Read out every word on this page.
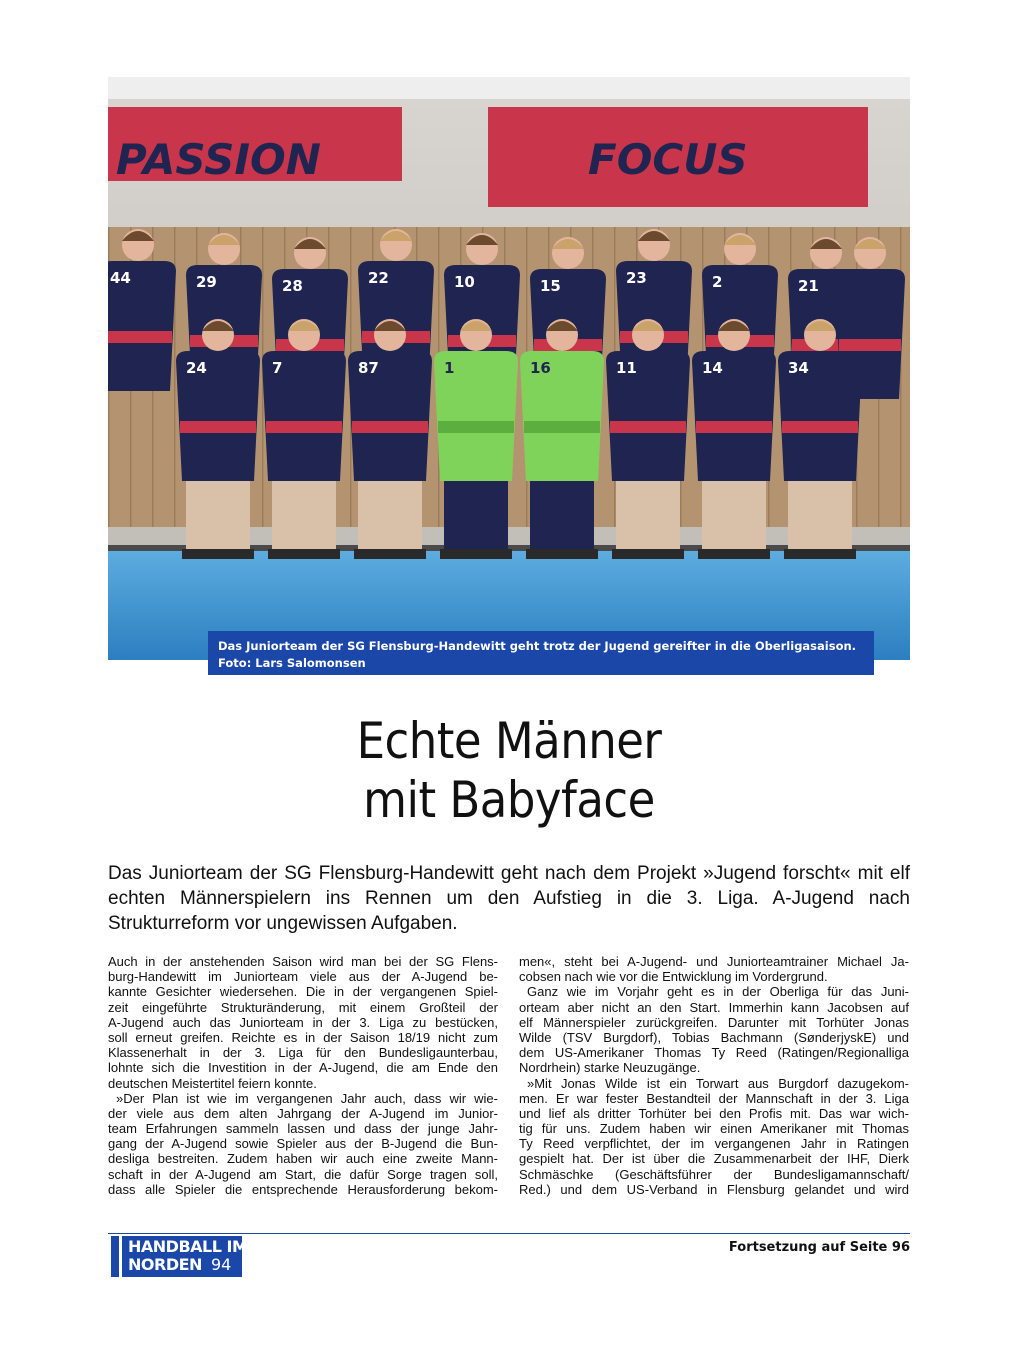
PASSION	FOCUS
44	29	28	22	10	15	23	2	21
24	7	87	1	16	11	14	34
Das Juniorteam der SG Flensburg-Handewitt geht trotz der Jugend gereifter in die Oberligasaison.
Foto: Lars Salomonsen
Echte Männer
mit Babyface

Das Juniorteam der SG Flensburg-Handewitt geht nach dem Projekt »Jugend forscht« mit elf echten Männerspielern ins Rennen um den Aufstieg in die 3. Liga. A-Jugend nach Strukturreform vor ungewissen Aufgaben.

Auch in der anstehenden Saison wird man bei der SG Flens-
burg-Handewitt im Juniorteam viele aus der A-Jugend be-
kannte Gesichter wiedersehen. Die in der vergangenen Spiel-
zeit eingeführte Strukturänderung, mit einem Großteil der
A-Jugend auch das Juniorteam in der 3. Liga zu bestücken,
soll erneut greifen. Reichte es in der Saison 18/19 nicht zum
Klassenerhalt in der 3. Liga für den Bundesligaunterbau,
lohnte sich die Investition in der A-Jugend, die am Ende den
deutschen Meistertitel feiern konnte.
»Der Plan ist wie im vergangenen Jahr auch, dass wir wie-
der viele aus dem alten Jahrgang der A-Jugend im Junior-
team Erfahrungen sammeln lassen und dass der junge Jahr-
gang der A-Jugend sowie Spieler aus der B-Jugend die Bun-
desliga bestreiten. Zudem haben wir auch eine zweite Mann-
schaft in der A-Jugend am Start, die dafür Sorge tragen soll,
dass alle Spieler die entsprechende Herausforderung bekom-
men«, steht bei A-Jugend- und Juniorteamtrainer Michael Ja-
cobsen nach wie vor die Entwicklung im Vordergrund.
Ganz wie im Vorjahr geht es in der Oberliga für das Juni-
orteam aber nicht an den Start. Immerhin kann Jacobsen auf
elf Männerspieler zurückgreifen. Darunter mit Torhüter Jonas
Wilde (TSV Burgdorf), Tobias Bachmann (SønderjyskE) und
dem US-Amerikaner Thomas Ty Reed (Ratingen/Regionalliga
Nordrhein) starke Neuzugänge.
»Mit Jonas Wilde ist ein Torwart aus Burgdorf dazugekom-
men. Er war fester Bestandteil der Mannschaft in der 3. Liga
und lief als dritter Torhüter bei den Profis mit. Das war wich-
tig für uns. Zudem haben wir einen Amerikaner mit Thomas
Ty Reed verpflichtet, der im vergangenen Jahr in Ratingen
gespielt hat. Der ist über die Zusammenarbeit der IHF, Dierk
Schmäschke (Geschäftsführer der Bundesligamannschaft/
Red.) und dem US-Verband in Flensburg gelandet und wird
HANDBALL IM
NORDEN 94
Fortsetzung auf Seite 96
